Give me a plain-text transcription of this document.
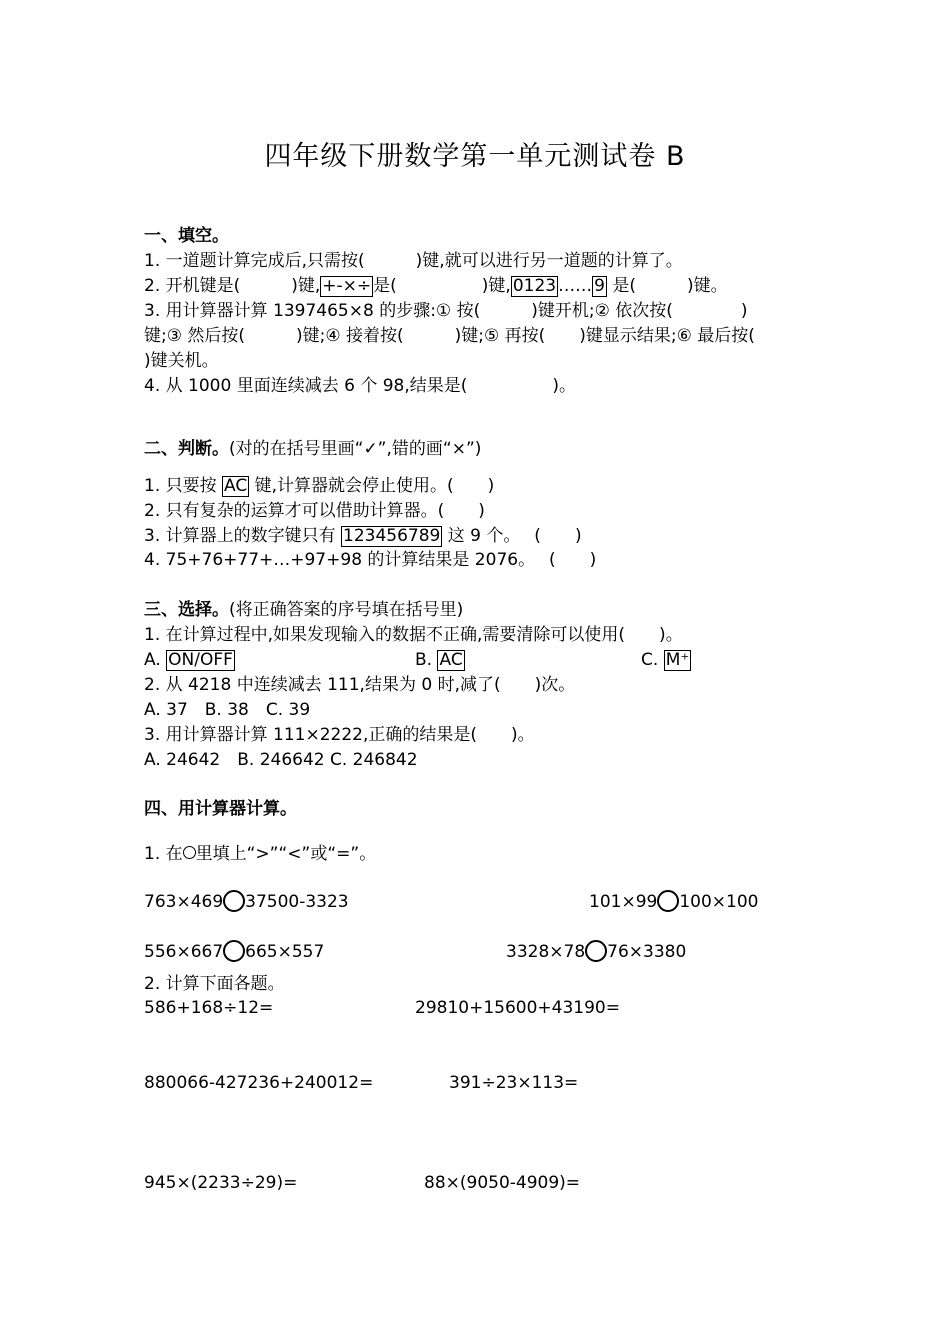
四年级下册数学第一单元测试卷 B
一、填空。
1. 一道题计算完成后,只需按(　　　)键,就可以进行另一道题的计算了。
2. 开机键是(　　　)键, +-×÷ 是(　　　　　)键, 0123 …… 9 是(　　　)键。
3. 用计算器计算 1397465×8 的步骤:① 按(　　　)键开机;② 依次按(　　　　)
键;③ 然后按(　　　)键;④ 接着按(　　　)键;⑤ 再按(　　)键显示结果;⑥ 最后按(
)键关机。
4. 从 1000 里面连续减去 6 个 98,结果是(　　　　　)。
二、判断。(对的在括号里画“✓”,错的画“×”)
1. 只要按 AC 键,计算器就会停止使用。(　　)
2. 只有复杂的运算才可以借助计算器。(　　)
3. 计算器上的数字键只有 123456789 这 9 个。　 (　　)
4. 75+76+77+…+97+98 的计算结果是 2076。　 (　　)
三、选择。(将正确答案的序号填在括号里)
1. 在计算过程中,如果发现输入的数据不正确,需要清除可以使用(　　)。
A. ON/OFF	B. AC	C. M⁺
2. 从 4218 中连续减去 111,结果为 0 时,减了(　　)次。
A. 37　B. 38　C. 39
3. 用计算器计算 111×2222,正确的结果是(　　)。
A. 24642　B. 246642 C. 246842
四、用计算器计算。
1. 在 里填上“>”“<”或“=”。
763×469 37500-3323	101×99 100×100
556×667 665×557	3328×78 76×3380
2. 计算下面各题。
586+168÷12=	29810+15600+43190=
880066-427236+240012=	391÷23×113=
945×(2233÷29)=	88×(9050-4909)=
